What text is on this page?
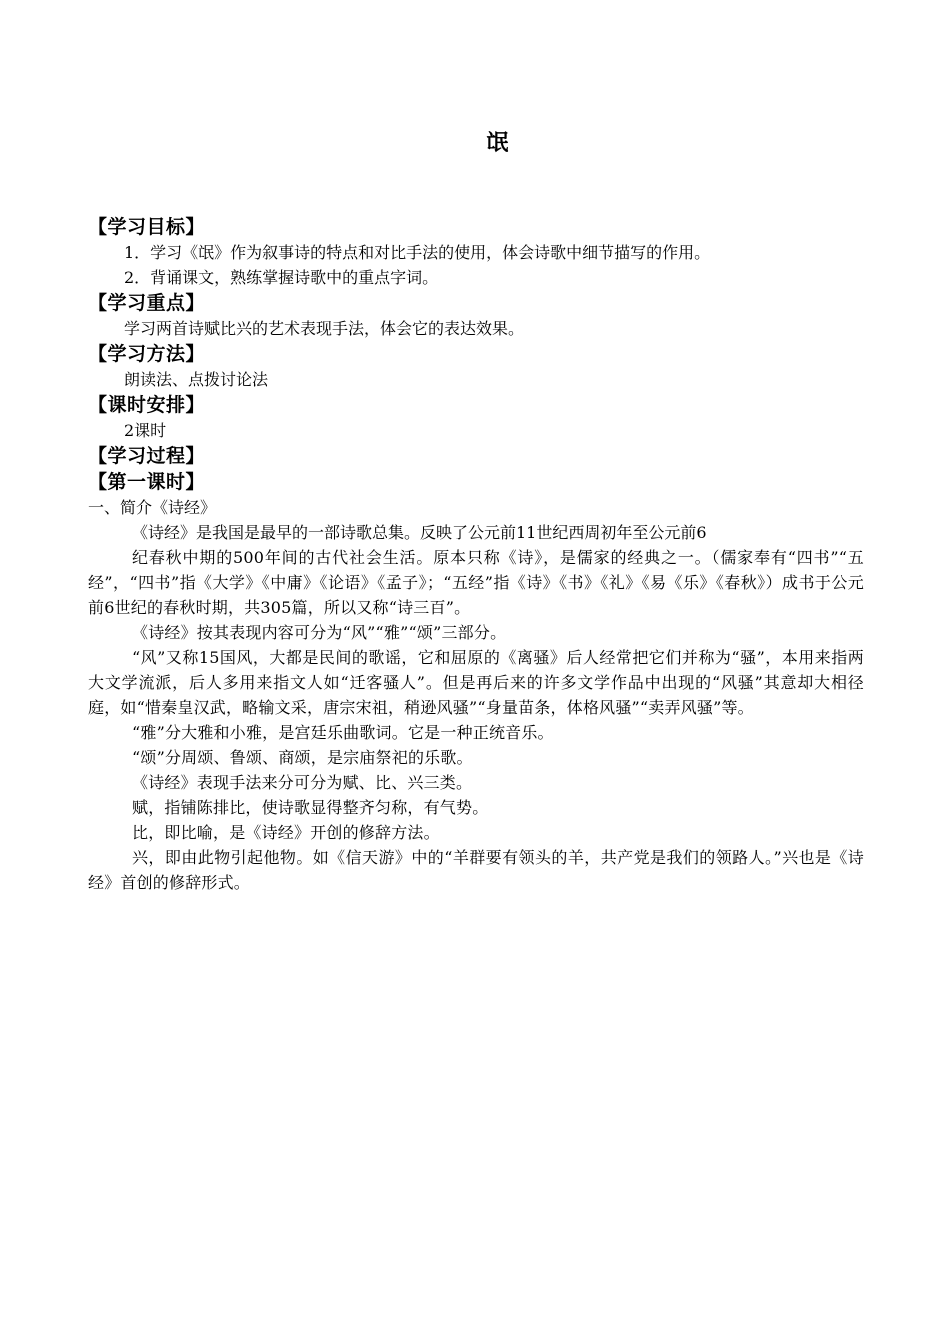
氓

【学习目标】

1．学习《氓》作为叙事诗的特点和对比手法的使用，体会诗歌中细节描写的作用。

2．背诵课文，熟练掌握诗歌中的重点字词。

【学习重点】

学习两首诗赋比兴的艺术表现手法，体会它的表达效果。

【学习方法】

朗读法、点拨讨论法

【课时安排】

2课时

【学习过程】

【第一课时】

一、简介《诗经》

《诗经》是我国是最早的一部诗歌总集。反映了公元前11世纪西周初年至公元前6

纪春秋中期的500年间的古代社会生活。原本只称《诗》，是儒家的经典之一。（儒家奉有“四书”“五经”，“四书”指《大学》《中庸》《论语》《孟子》；“五经”指《诗》《书》《礼》《易《乐》《春秋》）成书于公元前6世纪的春秋时期，共305篇，所以又称“诗三百”。

《诗经》按其表现内容可分为“风”“雅”“颂”三部分。

“风”又称15国风，大都是民间的歌谣，它和屈原的《离骚》后人经常把它们并称为“骚”，本用来指两大文学流派，后人多用来指文人如“迁客骚人”。但是再后来的许多文学作品中出现的“风骚”其意却大相径庭，如“惜秦皇汉武，略输文采，唐宗宋祖，稍逊风骚”“身量苗条，体格风骚”“卖弄风骚”等。

“雅”分大雅和小雅，是宫廷乐曲歌词。它是一种正统音乐。

“颂”分周颂、鲁颂、商颂，是宗庙祭祀的乐歌。

《诗经》表现手法来分可分为赋、比、兴三类。

赋，指铺陈排比，使诗歌显得整齐匀称，有气势。

比，即比喻，是《诗经》开创的修辞方法。

兴，即由此物引起他物。如《信天游》中的“羊群要有领头的羊，共产党是我们的领路人。”兴也是《诗经》首创的修辞形式。
